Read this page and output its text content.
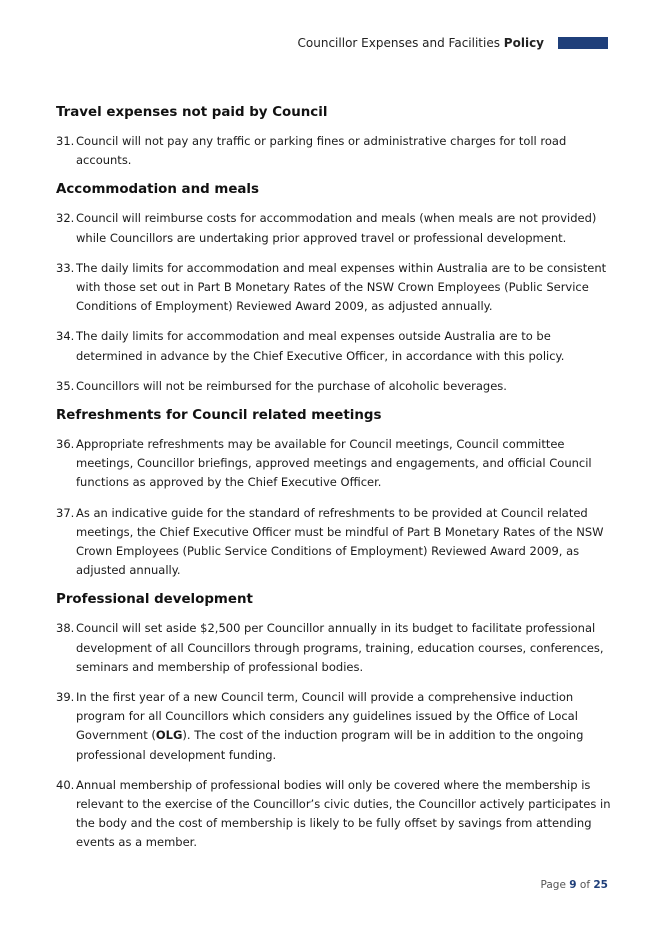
Councillor Expenses and Facilities
Policy
Travel expenses not paid by Council
31. Council will not pay any traffic or parking fines or administrative charges for toll road accounts.
Accommodation and meals
32. Council will reimburse costs for accommodation and meals (when meals are not provided) while Councillors are undertaking prior approved travel or professional development.
33. The daily limits for accommodation and meal expenses within Australia are to be consistent with those set out in Part B Monetary Rates of the NSW Crown Employees (Public Service Conditions of Employment) Reviewed Award 2009, as adjusted annually.
34. The daily limits for accommodation and meal expenses outside Australia are to be determined in advance by the Chief Executive Officer, in accordance with this policy.
35. Councillors will not be reimbursed for the purchase of alcoholic beverages.
Refreshments for Council related meetings
36. Appropriate refreshments may be available for Council meetings, Council committee meetings, Councillor briefings, approved meetings and engagements, and official Council functions as approved by the Chief Executive Officer.
37. As an indicative guide for the standard of refreshments to be provided at Council related meetings, the Chief Executive Officer must be mindful of Part B Monetary Rates of the NSW Crown Employees (Public Service Conditions of Employment) Reviewed Award 2009, as adjusted annually.
Professional development
38. Council will set aside $2,500 per Councillor annually in its budget to facilitate professional development of all Councillors through programs, training, education courses, conferences, seminars and membership of professional bodies.
39. In the first year of a new Council term, Council will provide a comprehensive induction program for all Councillors which considers any guidelines issued by the Office of Local Government (OLG). The cost of the induction program will be in addition to the ongoing professional development funding.
40. Annual membership of professional bodies will only be covered where the membership is relevant to the exercise of the Councillor’s civic duties, the Councillor actively participates in the body and the cost of membership is likely to be fully offset by savings from attending events as a member.
Page 9 of 25
